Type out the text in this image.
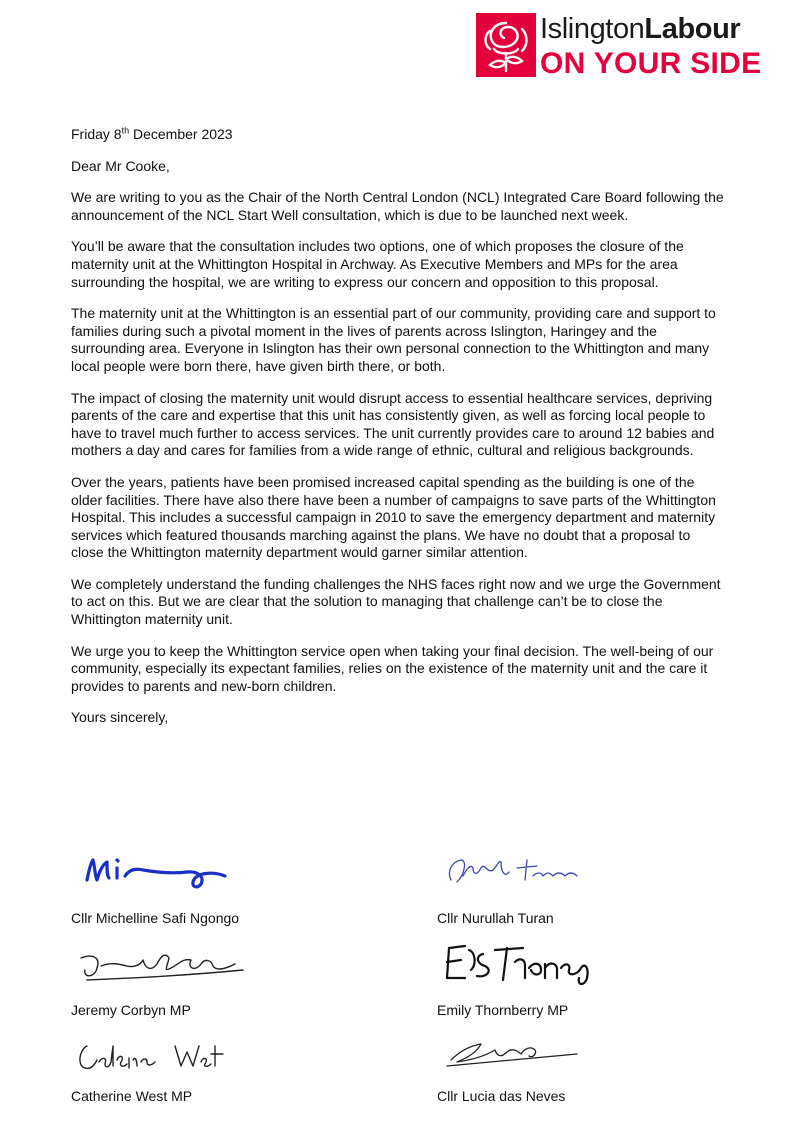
IslingtonLabour
ON YOUR SIDE

Friday 8th December 2023

Dear Mr Cooke,

We are writing to you as the Chair of the North Central London (NCL) Integrated Care Board following the announcement of the NCL Start Well consultation, which is due to be launched next week.

You’ll be aware that the consultation includes two options, one of which proposes the closure of the maternity unit at the Whittington Hospital in Archway. As Executive Members and MPs for the area surrounding the hospital, we are writing to express our concern and opposition to this proposal.

The maternity unit at the Whittington is an essential part of our community, providing care and support to families during such a pivotal moment in the lives of parents across Islington, Haringey and the surrounding area. Everyone in Islington has their own personal connection to the Whittington and many local people were born there, have given birth there, or both.

The impact of closing the maternity unit would disrupt access to essential healthcare services, depriving parents of the care and expertise that this unit has consistently given, as well as forcing local people to have to travel much further to access services. The unit currently provides care to around 12 babies and mothers a day and cares for families from a wide range of ethnic, cultural and religious backgrounds.

Over the years, patients have been promised increased capital spending as the building is one of the older facilities. There have also there have been a number of campaigns to save parts of the Whittington Hospital. This includes a successful campaign in 2010 to save the emergency department and maternity services which featured thousands marching against the plans. We have no doubt that a proposal to close the Whittington maternity department would garner similar attention.

We completely understand the funding challenges the NHS faces right now and we urge the Government to act on this. But we are clear that the solution to managing that challenge can’t be to close the Whittington maternity unit.

We urge you to keep the Whittington service open when taking your final decision. The well-being of our community, especially its expectant families, relies on the existence of the maternity unit and the care it provides to parents and new-born children.

Yours sincerely,

Cllr Michelline Safi Ngongo	Cllr Nurullah Turan
Jeremy Corbyn MP	Emily Thornberry MP
Catherine West MP	Cllr Lucia das Neves
